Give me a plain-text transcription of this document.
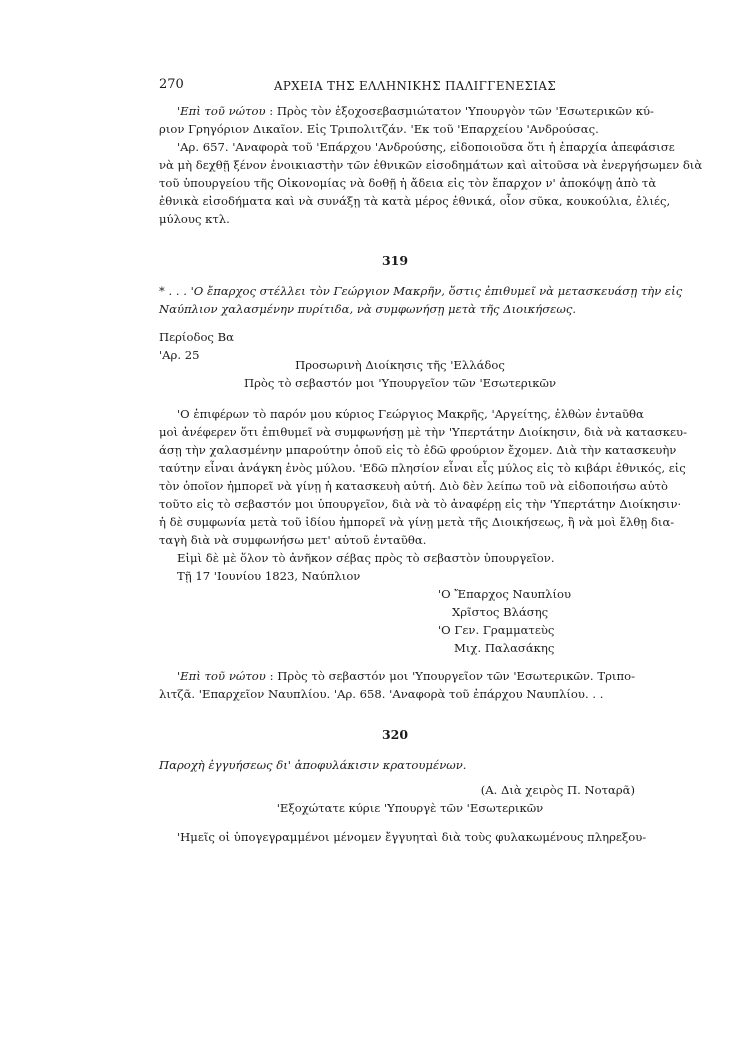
270	ΑΡΧΕΙΑ ΤΗΣ ΕΛΛΗΝΙΚΗΣ ΠΑΛΙΓΓΕΝΕΣΙΑΣ
'Επὶ τοῦ νώτου : Πρὸς τὸν ἐξοχοσεβασμιώτατον 'Υπουργὸν τῶν 'Εσωτερικῶν κύ-
ριον Γρηγόριον Δικαῖον. Εἰς Τριπολιτζάν. 'Εκ τοῦ 'Επαρχείου 'Ανδρούσας.
'Αρ. 657. 'Αναφορὰ τοῦ 'Επάρχου 'Ανδρούσης, εἰδοποιοῦσα ὅτι ἡ ἐπαρχία ἀπεφάσισε
νὰ μὴ δεχθῇ ξένον ἐνοικιαστὴν τῶν ἐθνικῶν εἰσοδημάτων καὶ αἰτοῦσα νὰ ἐνεργήσωμεν διὰ
τοῦ ὑπουργείου τῆς Οἰκονομίας νὰ δοθῇ ἡ ἄδεια εἰς τὸν ἔπαρχον ν' ἀποκόψῃ ἀπὸ τὰ
ἐθνικὰ εἰσοδήματα καὶ νὰ συνάξῃ τὰ κατὰ μέρος ἐθνικά, οἷον σῦκα, κουκούλια, ἐλιές,
μύλους κτλ.
319
* . . . 'Ο ἔπαρχος στέλλει τὸν Γεώργιον Μακρῆν, ὅστις ἐπιθυμεῖ νὰ μετασκευάσῃ τὴν εἰς
Ναύπλιον χαλασμένην πυρίτιδα, νὰ συμφωνήσῃ μετὰ τῆς Διοικήσεως.
Περίοδος Βα
'Αρ. 25
Προσωρινὴ Διοίκησις τῆς 'Ελλάδος
Πρὸς τὸ σεβαστόν μοι 'Υπουργεῖον τῶν 'Εσωτερικῶν
'Ο ἐπιφέρων τὸ παρόν μου κύριος Γεώργιος Μακρῆς, 'Αργείτης, ἐλθὼν ἐντaῦθα
μοὶ ἀνέφερεν ὅτι ἐπιθυμεῖ νὰ συμφωνήσῃ μὲ τὴν 'Υπερτάτην Διοίκησιν, διὰ νὰ κατασκευ-
άσῃ τὴν χαλασμένην μπαρούτην ὁποῦ εἰς τὸ ἐδῶ φρούριον ἔχομεν. Διὰ τὴν κατασκευὴν
ταύτην εἶναι ἀνάγκη ἑνὸς μύλου. 'Εδῶ πλησίον εἶναι εἷς μύλος εἰς τὸ κιβάρι ἐθνικός, εἰς
τὸν ὁποῖον ἠμπορεῖ νὰ γίνῃ ἡ κατασκευὴ αὐτή. Διὸ δὲν λείπω τοῦ νὰ εἰδοποιήσω αὐτὸ
τοῦτο εἰς τὸ σεβαστόν μοι ὑπουργεῖον, διὰ νὰ τὸ ἀναφέρῃ εἰς τὴν 'Υπερτάτην Διοίκησιν·
ἡ δὲ συμφωνία μετὰ τοῦ ἰδίου ἠμπορεῖ νὰ γίνῃ μετὰ τῆς Διοικήσεως, ἢ νὰ μοὶ ἔλθῃ δια-
ταγὴ διὰ νὰ συμφωνήσω μετ' αὐτοῦ ἐνταῦθα.
Εἰμὶ δὲ μὲ ὅλον τὸ ἀνῆκον σέβας πρὸς τὸ σεβαστὸν ὑπουργεῖον.
Τῇ 17 'Ιουνίου 1823, Ναύπλιον
'Ο Ἔπαρχος Ναυπλίου
Χρῖστος Βλάσης
'Ο Γεν. Γραμματεὺς
Μιχ. Παλασάκης
'Επὶ τοῦ νώτου : Πρὸς τὸ σεβαστόν μοι 'Υπουργεῖον τῶν 'Εσωτερικῶν. Τριπο-
λιτζᾶ. 'Επαρχεῖον Ναυπλίου. 'Αρ. 658. 'Αναφορὰ τοῦ ἐπάρχου Ναυπλίου. . .
320
Παροχὴ ἐγγυήσεως δι' ἀποφυλάκισιν κρατουμένων.
(Α. Διὰ χειρὸς Π. Νοταρᾶ)
'Εξοχώτατε κύριε 'Υπουργὲ τῶν 'Εσωτερικῶν
'Ημεῖς οἱ ὑπογεγραμμένοι μένομεν ἔγγυηταὶ διὰ τοὺς φυλακωμένους πληρεξου-
